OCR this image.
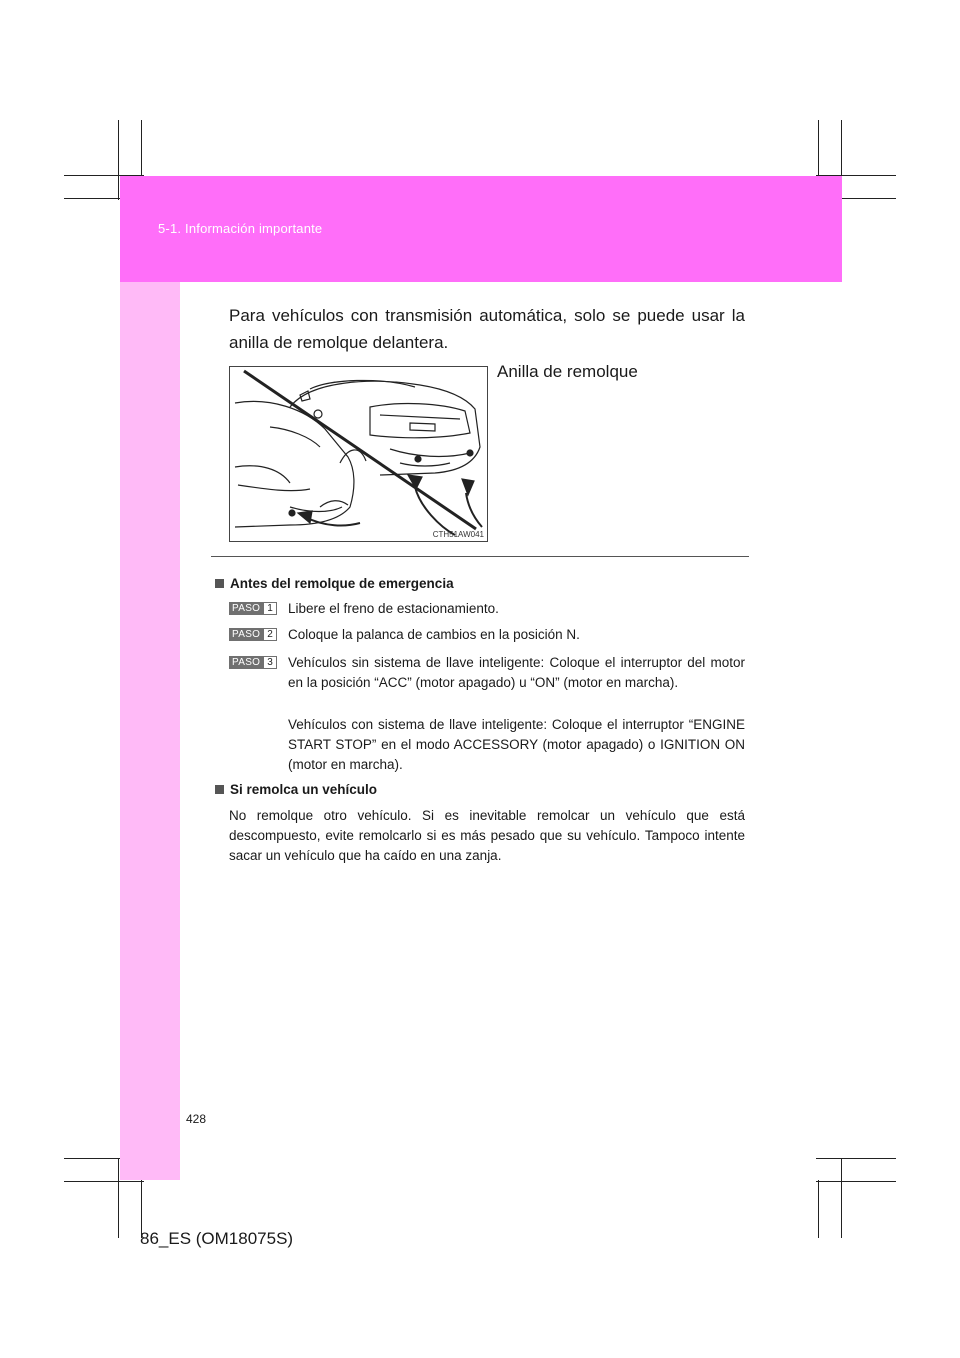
5-1. Información importante
Para vehículos con transmisión automática, solo se puede usar la anilla de remolque delantera.
Anilla de remolque
CTH51AW041
Antes del remolque de emergencia
PASO 1 Libere el freno de estacionamiento.
PASO 2 Coloque la palanca de cambios en la posición N.
PASO 3 Vehículos sin sistema de llave inteligente: Coloque el interruptor del motor en la posición “ACC” (motor apagado) u “ON” (motor en marcha).
Vehículos con sistema de llave inteligente: Coloque el interruptor “ENGINE START STOP” en el modo ACCESSORY (motor apagado) o IGNITION ON (motor en marcha).
Si remolca un vehículo
No remolque otro vehículo. Si es inevitable remolcar un vehículo que está descompuesto, evite remolcarlo si es más pesado que su vehículo. Tampoco intente sacar un vehículo que ha caído en una zanja.
428
86_ES (OM18075S)
